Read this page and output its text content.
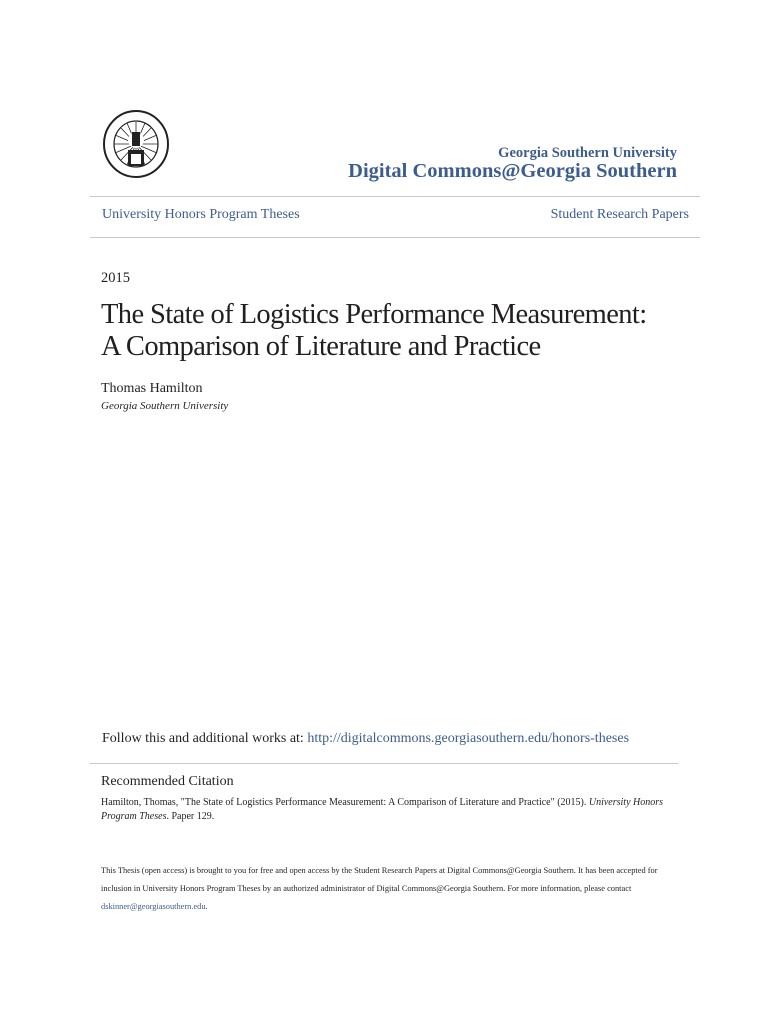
Georgia Southern University
Digital Commons@Georgia Southern
University Honors Program Theses	Student Research Papers
2015
The State of Logistics Performance Measurement:
A Comparison of Literature and Practice
Thomas Hamilton
Georgia Southern University
Follow this and additional works at: http://digitalcommons.georgiasouthern.edu/honors-theses
Recommended Citation
Hamilton, Thomas, "The State of Logistics Performance Measurement: A Comparison of Literature and Practice" (2015). University Honors Program Theses. Paper 129.
This Thesis (open access) is brought to you for free and open access by the Student Research Papers at Digital Commons@Georgia Southern. It has been accepted for inclusion in University Honors Program Theses by an authorized administrator of Digital Commons@Georgia Southern. For more information, please contact dskinner@georgiasouthern.edu.
